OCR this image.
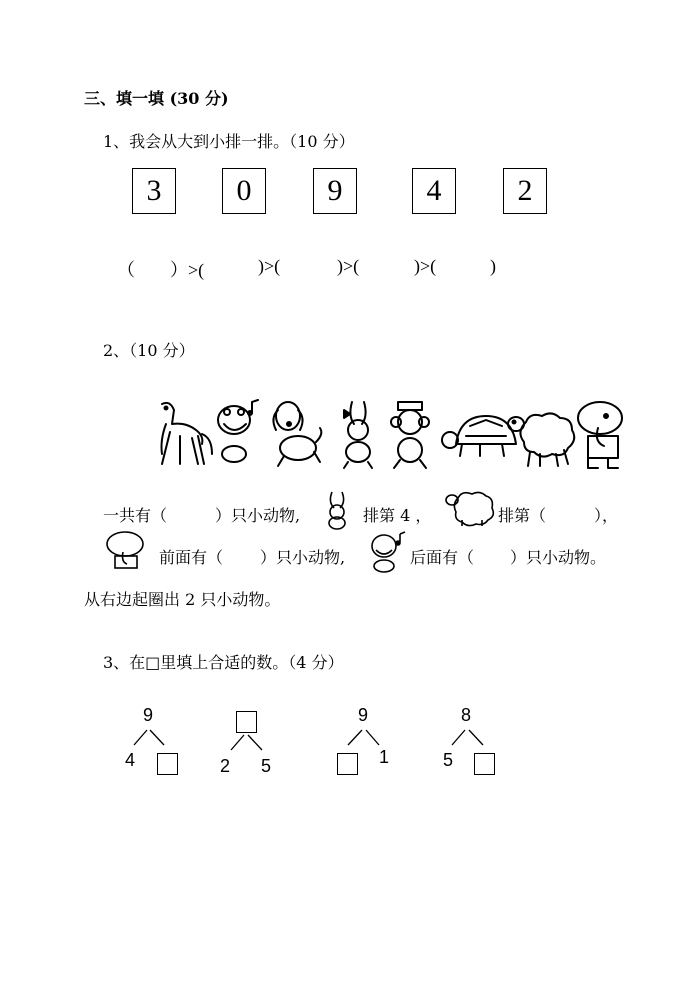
三、填一填 (30 分)
1、我会从大到小排一排。（10 分）
3	0	9	4	2
（ ）>(	)>(	)>(	)>(	)
2、（10 分）
一共有（	）只小动物,	排第 4 ，	排第（	），
前面有（ ）只小动物,	后面有（ ）只小动物。
从右边起圈出 2 只小动物。
3、在□里填上合适的数。（4 分）
9
4	2 5
9
1
8
5
